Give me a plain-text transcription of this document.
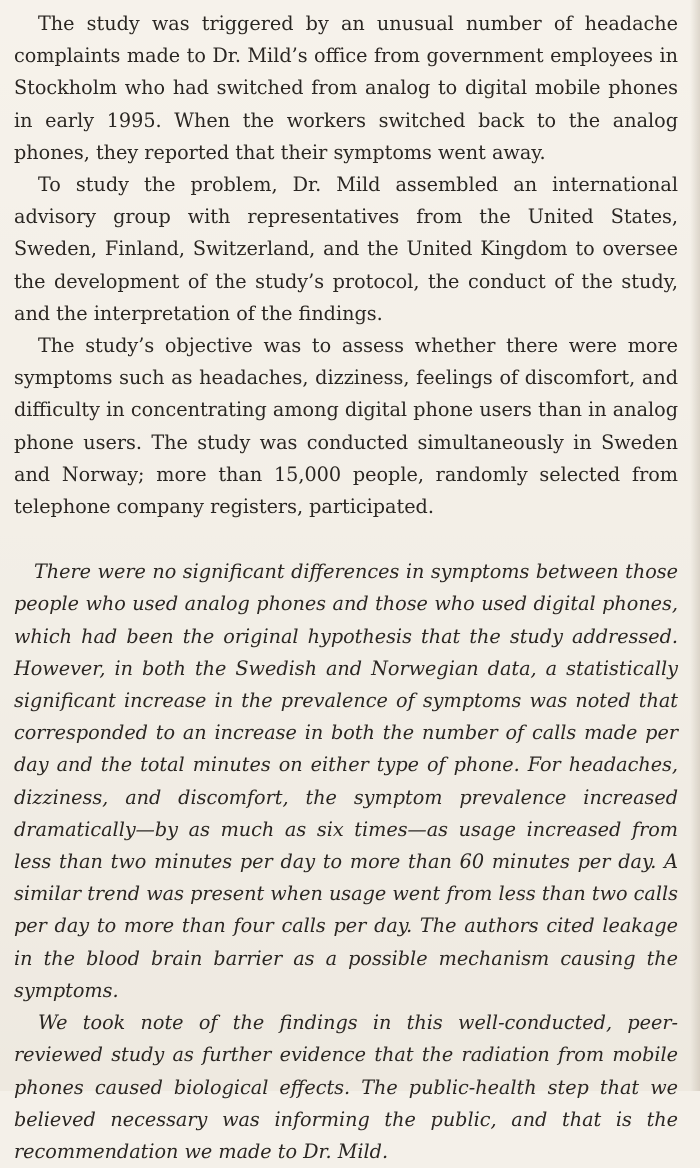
The study was triggered by an unusual number of headache complaints made to Dr. Mild’s office from government employees in Stockholm who had switched from analog to digital mobile phones in early 1995. When the workers switched back to the analog phones, they reported that their symptoms went away.

To study the problem, Dr. Mild assembled an international advisory group with representatives from the United States, Sweden, Finland, Switzerland, and the United Kingdom to oversee the development of the study’s protocol, the conduct of the study, and the interpretation of the findings.

The study’s objective was to assess whether there were more symptoms such as headaches, dizziness, feelings of discomfort, and difficulty in concentrating among digital phone users than in analog phone users. The study was conducted simultaneously in Sweden and Norway; more than 15,000 people, randomly selected from telephone company registers, participated.

There were no significant differences in symptoms between those people who used analog phones and those who used digital phones, which had been the original hypothesis that the study addressed. However, in both the Swedish and Norwegian data, a statistically significant increase in the prevalence of symptoms was noted that corresponded to an increase in both the number of calls made per day and the total minutes on either type of phone. For headaches, dizziness, and discomfort, the symptom prevalence increased dramatically—by as much as six times—as usage increased from less than two minutes per day to more than 60 minutes per day. A similar trend was present when usage went from less than two calls per day to more than four calls per day. The authors cited leakage in the blood brain barrier as a possible mechanism causing the symptoms.

We took note of the findings in this well-conducted, peer-reviewed study as further evidence that the radiation from mobile phones caused biological effects. The public-health step that we believed necessary was informing the public, and that is the recommendation we made to Dr. Mild.
